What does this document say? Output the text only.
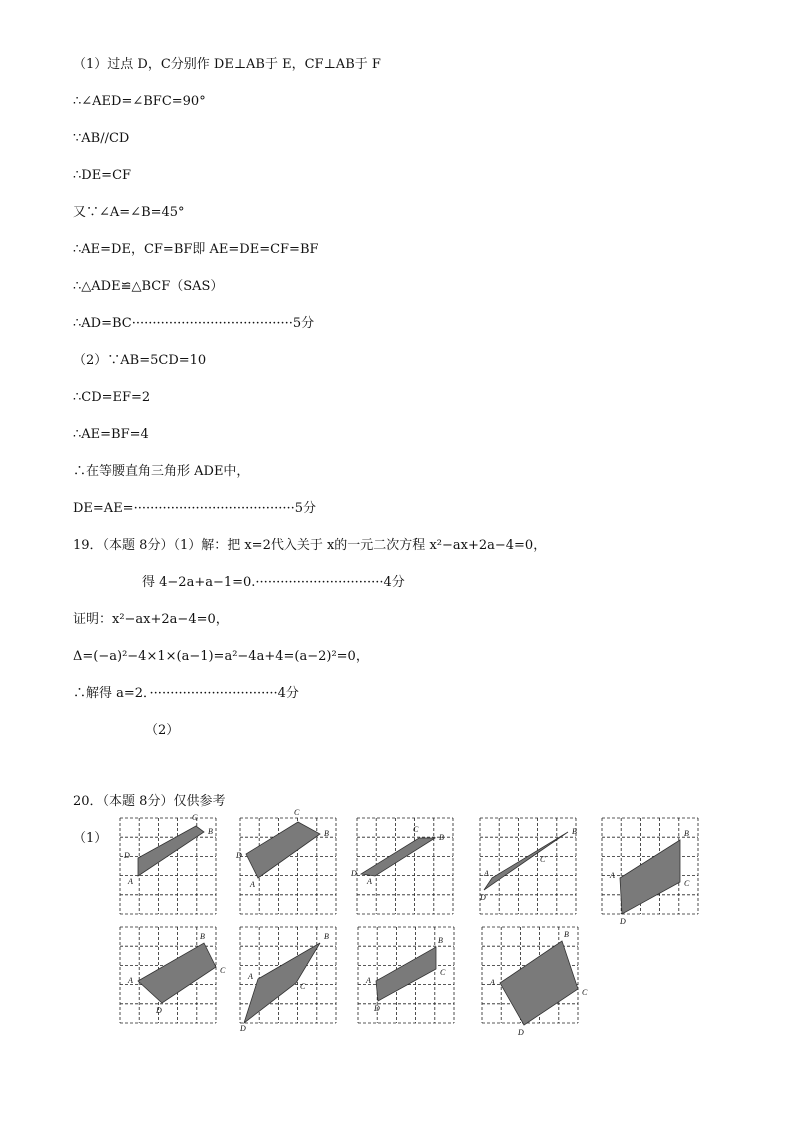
（1）过点 D，C分别作 DE⊥AB于 E，CF⊥AB于 F
∴∠AED=∠BFC=90°
∵AB//CD
∴DE=CF
又∵∠A=∠B=45°
∴AE=DE，CF=BF即 AE=DE=CF=BF
∴△ADE≌△BCF（SAS）
∴AD=BC·······································5分
（2）∵AB=5CD=10
∴CD=EF=2
∴AE=BF=4
∴在等腰直角三角形 ADE中，
DE=AE=·······································5分
19．（本题 8分）（1）解：把 x=2代入关于 x的一元二次方程 x²−ax+2a−4=0，
得 4−2a+a−1=0.·······························4分
证明：x²−ax+2a−4=0，
Δ=(−a)²−4×1×(a−1)=a²−4a+4=(a−2)²=0，
∴解得 a=2．·······························4分
（2）
20．（本题 8分）仅供参考
（1）
A
B
C
D
A
B
C
D
A
B
C
D	A
B
C
D
A
B
C
D
A
B
C
D
A
B
C
D
A
B
C
D
A
B
C
D
